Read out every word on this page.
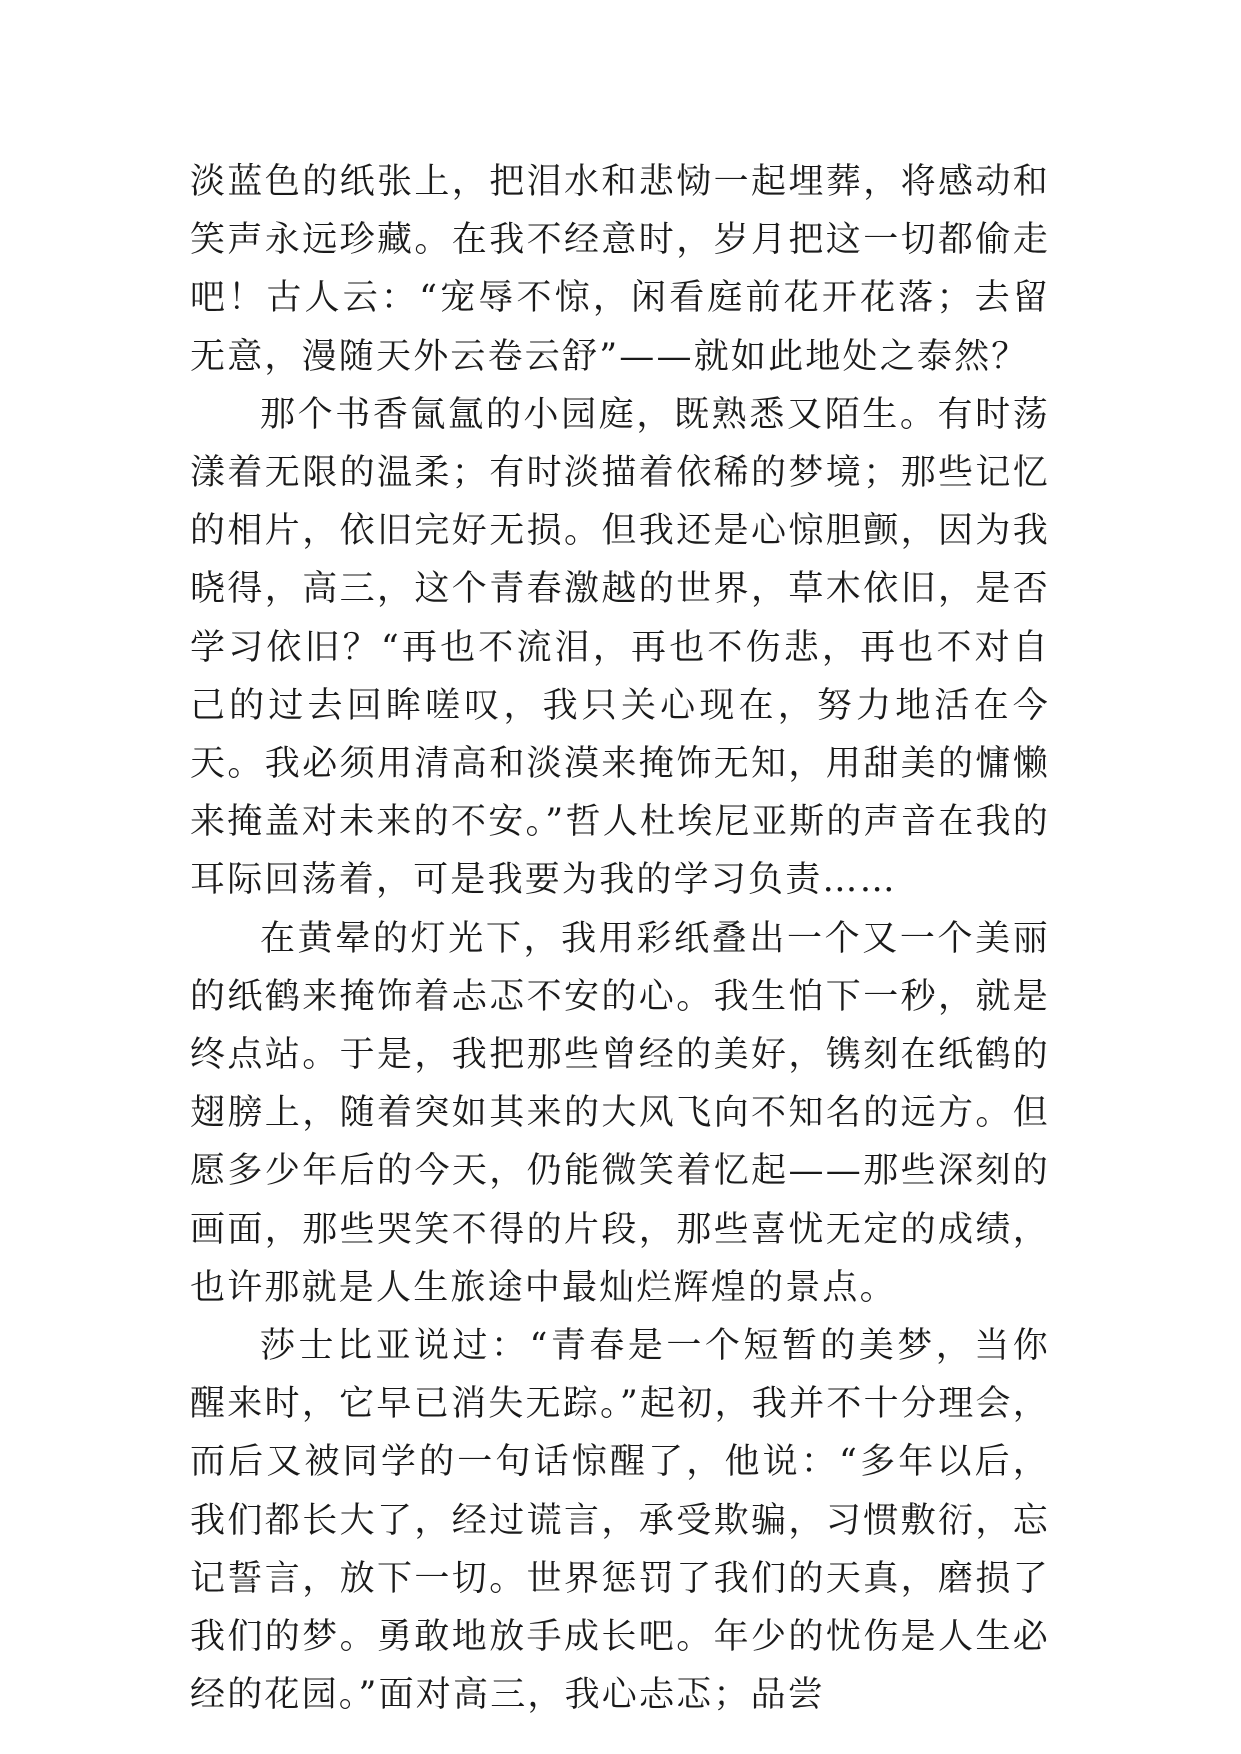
淡蓝色的纸张上，把泪水和悲恸一起埋葬，将感动和笑声永远珍藏。在我不经意时，岁月把这一切都偷走吧！古人云：“宠辱不惊，闲看庭前花开花落；去留无意，漫随天外云卷云舒”——就如此地处之泰然？

那个书香氤氲的小园庭，既熟悉又陌生。有时荡漾着无限的温柔；有时淡描着依稀的梦境；那些记忆的相片，依旧完好无损。但我还是心惊胆颤，因为我晓得，高三，这个青春激越的世界，草木依旧，是否学习依旧？“再也不流泪，再也不伤悲，再也不对自己的过去回眸嗟叹，我只关心现在，努力地活在今天。我必须用清高和淡漠来掩饰无知，用甜美的慵懒来掩盖对未来的不安。”哲人杜埃尼亚斯的声音在我的耳际回荡着，可是我要为我的学习负责……

在黄晕的灯光下，我用彩纸叠出一个又一个美丽的纸鹤来掩饰着忐忑不安的心。我生怕下一秒，就是终点站。于是，我把那些曾经的美好，镌刻在纸鹤的翅膀上，随着突如其来的大风飞向不知名的远方。但愿多少年后的今天，仍能微笑着忆起——那些深刻的画面，那些哭笑不得的片段，那些喜忧无定的成绩，也许那就是人生旅途中最灿烂辉煌的景点。

莎士比亚说过：“青春是一个短暂的美梦，当你醒来时，它早已消失无踪。”起初，我并不十分理会，而后又被同学的一句话惊醒了，他说：“多年以后，我们都长大了，经过谎言，承受欺骗，习惯敷衍，忘记誓言，放下一切。世界惩罚了我们的天真，磨损了我们的梦。勇敢地放手成长吧。年少的忧伤是人生必经的花园。”面对高三，我心忐忑；品尝
